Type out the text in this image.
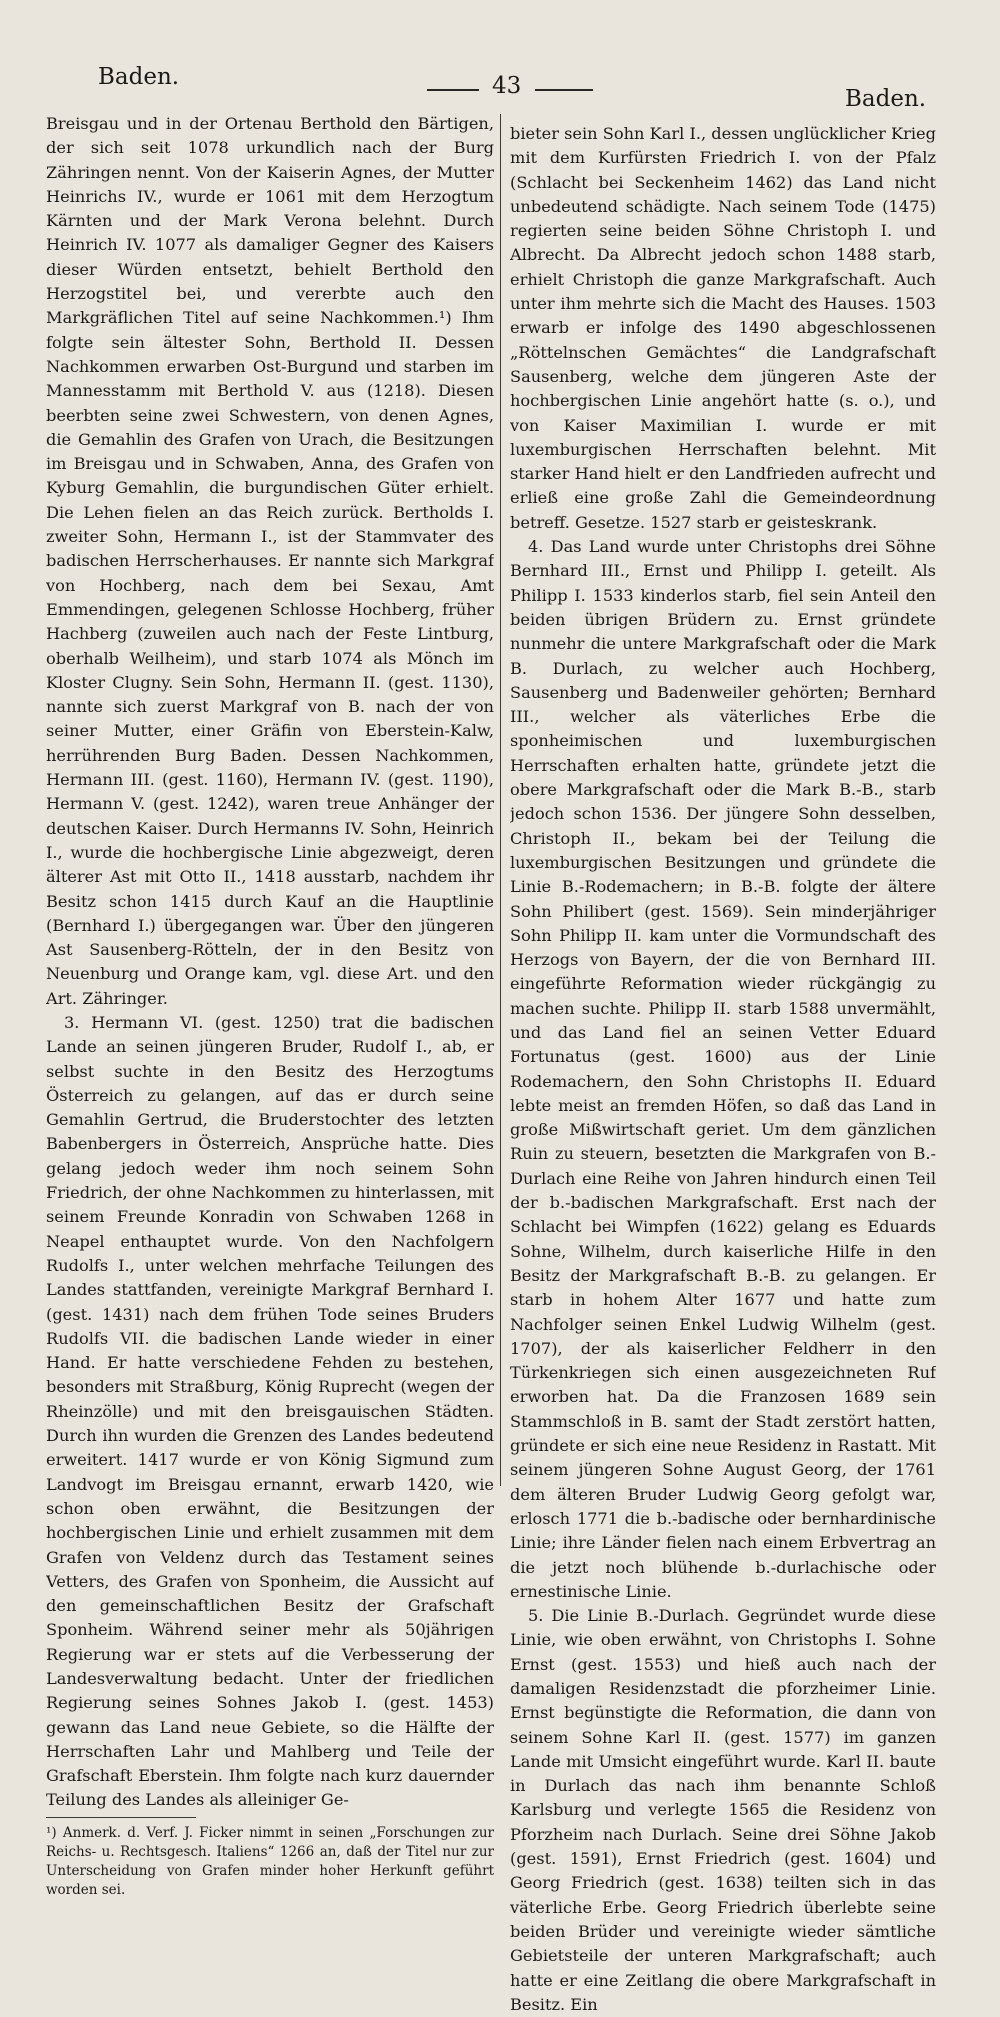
Baden.	43	Baden.

Breisgau und in der Ortenau Berthold den Bärtigen, der sich seit 1078 urkundlich nach der Burg Zähringen nennt. Von der Kaiserin Agnes, der Mutter Heinrichs IV., wurde er 1061 mit dem Herzogtum Kärnten und der Mark Verona belehnt. Durch Heinrich IV. 1077 als damaliger Gegner des Kaisers dieser Würden entsetzt, behielt Berthold den Herzogstitel bei, und vererbte auch den Markgräflichen Titel auf seine Nachkommen.¹) Ihm folgte sein ältester Sohn, Berthold II. Dessen Nachkommen erwarben Ost-Burgund und starben im Mannesstamm mit Berthold V. aus (1218). Diesen beerbten seine zwei Schwestern, von denen Agnes, die Gemahlin des Grafen von Urach, die Besitzungen im Breisgau und in Schwaben, Anna, des Grafen von Kyburg Gemahlin, die burgundischen Güter erhielt. Die Lehen fielen an das Reich zurück. Bertholds I. zweiter Sohn, Hermann I., ist der Stammvater des badischen Herrscherhauses. Er nannte sich Markgraf von Hochberg, nach dem bei Sexau, Amt Emmendingen, gelegenen Schlosse Hochberg, früher Hachberg (zuweilen auch nach der Feste Lintburg, oberhalb Weilheim), und starb 1074 als Mönch im Kloster Clugny. Sein Sohn, Hermann II. (gest. 1130), nannte sich zuerst Markgraf von B. nach der von seiner Mutter, einer Gräfin von Eberstein-Kalw, herrührenden Burg Baden. Dessen Nachkommen, Hermann III. (gest. 1160), Hermann IV. (gest. 1190), Hermann V. (gest. 1242), waren treue Anhänger der deutschen Kaiser. Durch Hermanns IV. Sohn, Heinrich I., wurde die hochbergische Linie abgezweigt, deren älterer Ast mit Otto II., 1418 ausstarb, nachdem ihr Besitz schon 1415 durch Kauf an die Hauptlinie (Bernhard I.) übergegangen war. Über den jüngeren Ast Sausenberg-Rötteln, der in den Besitz von Neuenburg und Orange kam, vgl. diese Art. und den Art. Zähringer.

3. Hermann VI. (gest. 1250) trat die badischen Lande an seinen jüngeren Bruder, Rudolf I., ab, er selbst suchte in den Besitz des Herzogtums Österreich zu gelangen, auf das er durch seine Gemahlin Gertrud, die Bruderstochter des letzten Babenbergers in Österreich, Ansprüche hatte. Dies gelang jedoch weder ihm noch seinem Sohn Friedrich, der ohne Nachkommen zu hinterlassen, mit seinem Freunde Konradin von Schwaben 1268 in Neapel enthauptet wurde. Von den Nachfolgern Rudolfs I., unter welchen mehrfache Teilungen des Landes stattfanden, vereinigte Markgraf Bernhard I. (gest. 1431) nach dem frühen Tode seines Bruders Rudolfs VII. die badischen Lande wieder in einer Hand. Er hatte verschiedene Fehden zu bestehen, besonders mit Straßburg, König Ruprecht (wegen der Rheinzölle) und mit den breisgauischen Städten. Durch ihn wurden die Grenzen des Landes bedeutend erweitert. 1417 wurde er von König Sigmund zum Landvogt im Breisgau ernannt, erwarb 1420, wie schon oben erwähnt, die Besitzungen der hochbergischen Linie und erhielt zusammen mit dem Grafen von Veldenz durch das Testament seines Vetters, des Grafen von Sponheim, die Aussicht auf den gemeinschaftlichen Besitz der Grafschaft Sponheim. Während seiner mehr als 50jährigen Regierung war er stets auf die Verbesserung der Landesverwaltung bedacht. Unter der friedlichen Regierung seines Sohnes Jakob I. (gest. 1453) gewann das Land neue Gebiete, so die Hälfte der Herrschaften Lahr und Mahlberg und Teile der Grafschaft Eberstein. Ihm folgte nach kurz dauernder Teilung des Landes als alleiniger Ge-

¹) Anmerk. d. Verf. J. Ficker nimmt in seinen „Forschungen zur Reichs- u. Rechtsgesch. Italiens“ 1266 an, daß der Titel nur zur Unterscheidung von Grafen minder hoher Herkunft geführt worden sei.

bieter sein Sohn Karl I., dessen unglücklicher Krieg mit dem Kurfürsten Friedrich I. von der Pfalz (Schlacht bei Seckenheim 1462) das Land nicht unbedeutend schädigte. Nach seinem Tode (1475) regierten seine beiden Söhne Christoph I. und Albrecht. Da Albrecht jedoch schon 1488 starb, erhielt Christoph die ganze Markgrafschaft. Auch unter ihm mehrte sich die Macht des Hauses. 1503 erwarb er infolge des 1490 abgeschlossenen „Röttelnschen Gemächtes“ die Landgrafschaft Sausenberg, welche dem jüngeren Aste der hochbergischen Linie angehört hatte (s. o.), und von Kaiser Maximilian I. wurde er mit luxemburgischen Herrschaften belehnt. Mit starker Hand hielt er den Landfrieden aufrecht und erließ eine große Zahl die Gemeindeordnung betreff. Gesetze. 1527 starb er geisteskrank.

4. Das Land wurde unter Christophs drei Söhne Bernhard III., Ernst und Philipp I. geteilt. Als Philipp I. 1533 kinderlos starb, fiel sein Anteil den beiden übrigen Brüdern zu. Ernst gründete nunmehr die untere Markgrafschaft oder die Mark B. Durlach, zu welcher auch Hochberg, Sausenberg und Badenweiler gehörten; Bernhard III., welcher als väterliches Erbe die sponheimischen und luxemburgischen Herrschaften erhalten hatte, gründete jetzt die obere Markgrafschaft oder die Mark B.-B., starb jedoch schon 1536. Der jüngere Sohn desselben, Christoph II., bekam bei der Teilung die luxemburgischen Besitzungen und gründete die Linie B.-Rodemachern; in B.-B. folgte der ältere Sohn Philibert (gest. 1569). Sein minderjähriger Sohn Philipp II. kam unter die Vormundschaft des Herzogs von Bayern, der die von Bernhard III. eingeführte Reformation wieder rückgängig zu machen suchte. Philipp II. starb 1588 unvermählt, und das Land fiel an seinen Vetter Eduard Fortunatus (gest. 1600) aus der Linie Rodemachern, den Sohn Christophs II. Eduard lebte meist an fremden Höfen, so daß das Land in große Mißwirtschaft geriet. Um dem gänzlichen Ruin zu steuern, besetzten die Markgrafen von B.-Durlach eine Reihe von Jahren hindurch einen Teil der b.-badischen Markgrafschaft. Erst nach der Schlacht bei Wimpfen (1622) gelang es Eduards Sohne, Wilhelm, durch kaiserliche Hilfe in den Besitz der Markgrafschaft B.-B. zu gelangen. Er starb in hohem Alter 1677 und hatte zum Nachfolger seinen Enkel Ludwig Wilhelm (gest. 1707), der als kaiserlicher Feldherr in den Türkenkriegen sich einen ausgezeichneten Ruf erworben hat. Da die Franzosen 1689 sein Stammschloß in B. samt der Stadt zerstört hatten, gründete er sich eine neue Residenz in Rastatt. Mit seinem jüngeren Sohne August Georg, der 1761 dem älteren Bruder Ludwig Georg gefolgt war, erlosch 1771 die b.-badische oder bernhardinische Linie; ihre Länder fielen nach einem Erbvertrag an die jetzt noch blühende b.-durlachische oder ernestinische Linie.

5. Die Linie B.-Durlach. Gegründet wurde diese Linie, wie oben erwähnt, von Christophs I. Sohne Ernst (gest. 1553) und hieß auch nach der damaligen Residenzstadt die pforzheimer Linie. Ernst begünstigte die Reformation, die dann von seinem Sohne Karl II. (gest. 1577) im ganzen Lande mit Umsicht eingeführt wurde. Karl II. baute in Durlach das nach ihm benannte Schloß Karlsburg und verlegte 1565 die Residenz von Pforzheim nach Durlach. Seine drei Söhne Jakob (gest. 1591), Ernst Friedrich (gest. 1604) und Georg Friedrich (gest. 1638) teilten sich in das väterliche Erbe. Georg Friedrich überlebte seine beiden Brüder und vereinigte wieder sämtliche Gebietsteile der unteren Markgrafschaft; auch hatte er eine Zeitlang die obere Markgrafschaft in Besitz. Ein
